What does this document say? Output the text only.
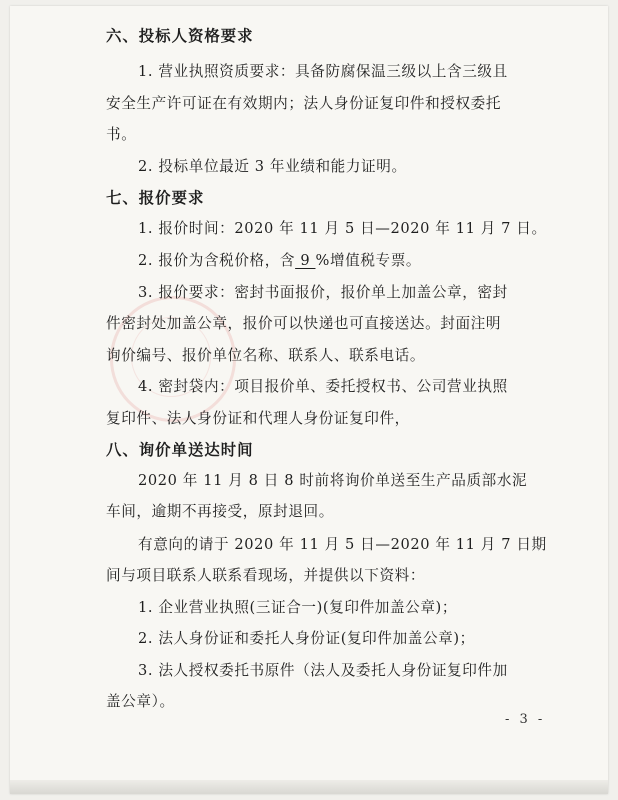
六、投标人资格要求
1. 营业执照资质要求：具备防腐保温三级以上含三级且
安全生产许可证在有效期内；法人身份证复印件和授权委托
书。
2. 投标单位最近 3 年业绩和能力证明。
七、报价要求
1. 报价时间：2020 年 11 月 5 日—2020 年 11 月 7 日。
2. 报价为含税价格，含 9 %增值税专票。
3. 报价要求：密封书面报价，报价单上加盖公章，密封
件密封处加盖公章，报价可以快递也可直接送达。封面注明
询价编号、报价单位名称、联系人、联系电话。
4. 密封袋内：项目报价单、委托授权书、公司营业执照
复印件、法人身份证和代理人身份证复印件，
八、询价单送达时间
2020 年 11 月 8 日 8 时前将询价单送至生产品质部水泥
车间，逾期不再接受，原封退回。
有意向的请于 2020 年 11 月 5 日—2020 年 11 月 7 日期
间与项目联系人联系看现场，并提供以下资料：
1. 企业营业执照(三证合一)(复印件加盖公章)；
2. 法人身份证和委托人身份证(复印件加盖公章)；
3. 法人授权委托书原件（法人及委托人身份证复印件加
盖公章）。
- 3 -
